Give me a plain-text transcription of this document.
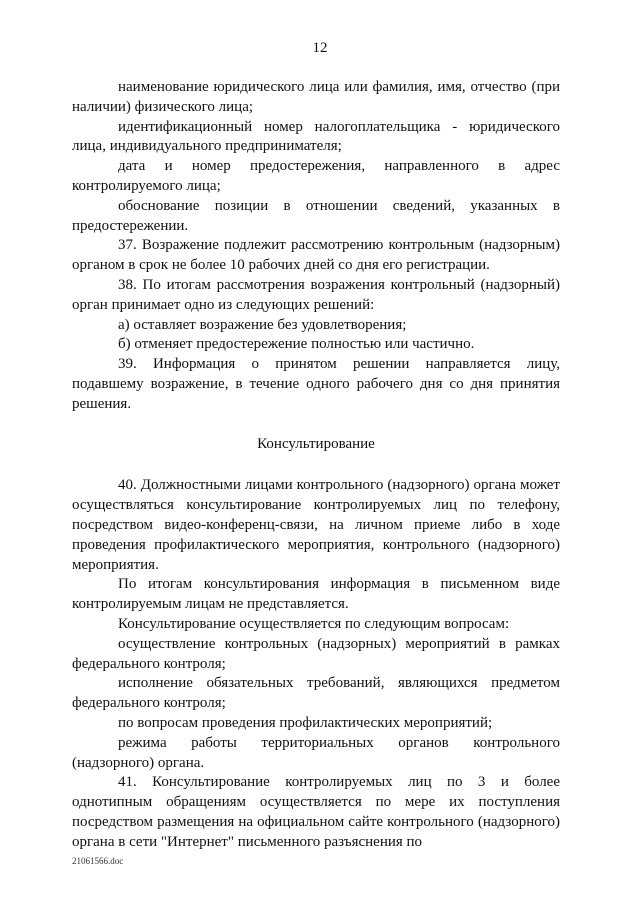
12

наименование юридического лица или фамилия, имя, отчество (при наличии) физического лица;

идентификационный номер налогоплательщика - юридического лица, индивидуального предпринимателя;

дата и номер предостережения, направленного в адрес контролируемого лица;

обоснование позиции в отношении сведений, указанных в предостережении.

37. Возражение подлежит рассмотрению контрольным (надзорным) органом в срок не более 10 рабочих дней со дня его регистрации.

38. По итогам рассмотрения возражения контрольный (надзорный) орган принимает одно из следующих решений:

а) оставляет возражение без удовлетворения;

б) отменяет предостережение полностью или частично.

39. Информация о принятом решении направляется лицу, подавшему возражение, в течение одного рабочего дня со дня принятия решения.

Консультирование

40. Должностными лицами контрольного (надзорного) органа может осуществляться консультирование контролируемых лиц по телефону, посредством видео-конференц-связи, на личном приеме либо в ходе проведения профилактического мероприятия, контрольного (надзорного) мероприятия.

По итогам консультирования информация в письменном виде контролируемым лицам не представляется.

Консультирование осуществляется по следующим вопросам:

осуществление контрольных (надзорных) мероприятий в рамках федерального контроля;

исполнение обязательных требований, являющихся предметом федерального контроля;

по вопросам проведения профилактических мероприятий;

режима работы территориальных органов контрольного (надзорного) органа.

41. Консультирование контролируемых лиц по 3 и более однотипным обращениям осуществляется по мере их поступления посредством размещения на официальном сайте контрольного (надзорного) органа в сети "Интернет" письменного разъяснения по

21061566.doc
